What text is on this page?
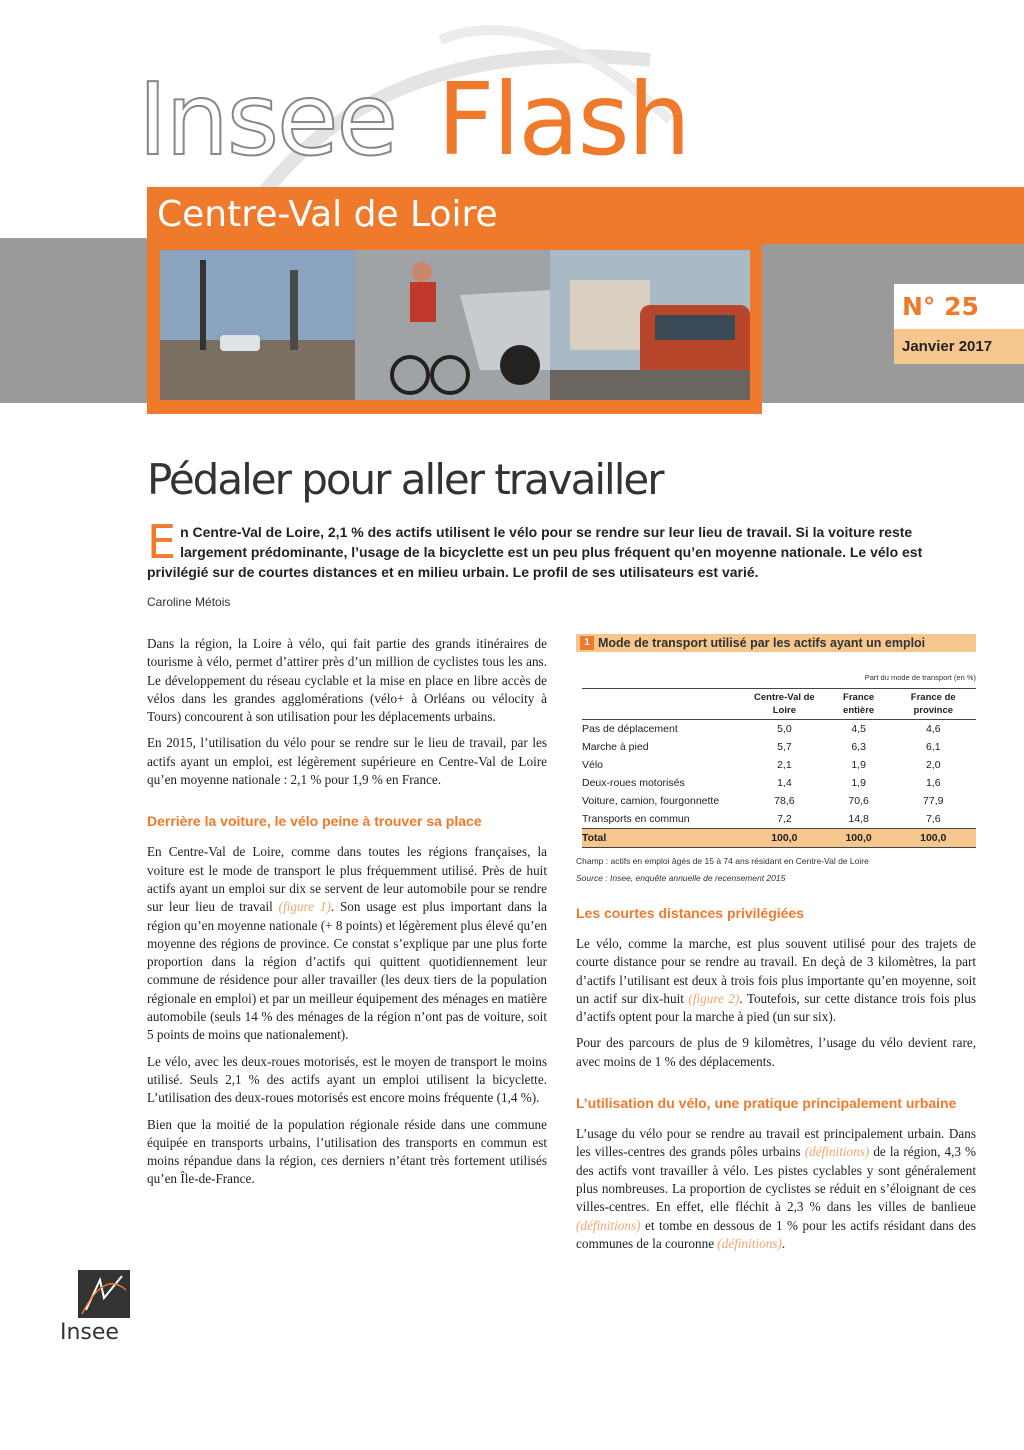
Insee Flash
Centre-Val de Loire
N° 25
Janvier 2017
Pédaler pour aller travailler
En Centre-Val de Loire, 2,1 % des actifs utilisent le vélo pour se rendre sur leur lieu de travail. Si la voiture reste largement prédominante, l’usage de la bicyclette est un peu plus fréquent qu’en moyenne nationale. Le vélo est privilégié sur de courtes distances et en milieu urbain. Le profil de ses utilisateurs est varié.
Caroline Métois

Dans la région, la Loire à vélo, qui fait partie des grands itinéraires de tourisme à vélo, permet d’attirer près d’un million de cyclistes tous les ans. Le développement du réseau cyclable et la mise en place en libre accès de vélos dans les grandes agglomérations (vélo+ à Orléans ou vélocity à Tours) concourent à son utilisation pour les déplacements urbains.

En 2015, l’utilisation du vélo pour se rendre sur le lieu de travail, par les actifs ayant un emploi, est légèrement supérieure en Centre-Val de Loire qu’en moyenne nationale : 2,1 % pour 1,9 % en France.

Derrière la voiture, le vélo peine à trouver sa place

En Centre-Val de Loire, comme dans toutes les régions françaises, la voiture est le mode de transport le plus fréquemment utilisé. Près de huit actifs ayant un emploi sur dix se servent de leur automobile pour se rendre sur leur lieu de travail (figure 1). Son usage est plus important dans la région qu’en moyenne nationale (+ 8 points) et légèrement plus élevé qu’en moyenne des régions de province. Ce constat s’explique par une plus forte proportion dans la région d’actifs qui quittent quotidiennement leur commune de résidence pour aller travailler (les deux tiers de la population régionale en emploi) et par un meilleur équipement des ménages en matière automobile (seuls 14 % des ménages de la région n’ont pas de voiture, soit 5 points de moins que nationalement).

Le vélo, avec les deux-roues motorisés, est le moyen de transport le moins utilisé. Seuls 2,1 % des actifs ayant un emploi utilisent la bicyclette. L’utilisation des deux-roues motorisés est encore moins fréquente (1,4 %).

Bien que la moitié de la population régionale réside dans une commune équipée en transports urbains, l’utilisation des transports en commun est moins répandue dans la région, ces derniers n’étant très fortement utilisés qu’en Île-de-France.

1 Mode de transport utilisé par les actifs ayant un emploi
Part du mode de transport (en %)
	Centre-Val de Loire	France entière	France de province
Pas de déplacement	5,0	4,5	4,6
Marche à pied	5,7	6,3	6,1
Vélo	2,1	1,9	2,0
Deux-roues motorisés	1,4	1,9	1,6
Voiture, camion, fourgonnette	78,6	70,6	77,9
Transports en commun	7,2	14,8	7,6
Total	100,0	100,0	100,0
Champ : actifs en emploi âgés de 15 à 74 ans résidant en Centre-Val de Loire
Source : Insee, enquête annuelle de recensement 2015
Les courtes distances privilégiées

Le vélo, comme la marche, est plus souvent utilisé pour des trajets de courte distance pour se rendre au travail. En deçà de 3 kilomètres, la part d’actifs l’utilisant est deux à trois fois plus importante qu’en moyenne, soit un actif sur dix-huit (figure 2). Toutefois, sur cette distance trois fois plus d’actifs optent pour la marche à pied (un sur six).

Pour des parcours de plus de 9 kilomètres, l’usage du vélo devient rare, avec moins de 1 % des déplacements.

L’utilisation du vélo, une pratique principalement urbaine

L’usage du vélo pour se rendre au travail est principalement urbain. Dans les villes-centres des grands pôles urbains (définitions) de la région, 4,3 % des actifs vont travailler à vélo. Les pistes cyclables y sont généralement plus nombreuses. La proportion de cyclistes se réduit en s’éloignant de ces villes-centres. En effet, elle fléchit à 2,3 % dans les villes de banlieue (définitions) et tombe en dessous de 1 % pour les actifs résidant dans des communes de la couronne (définitions).

Insee
